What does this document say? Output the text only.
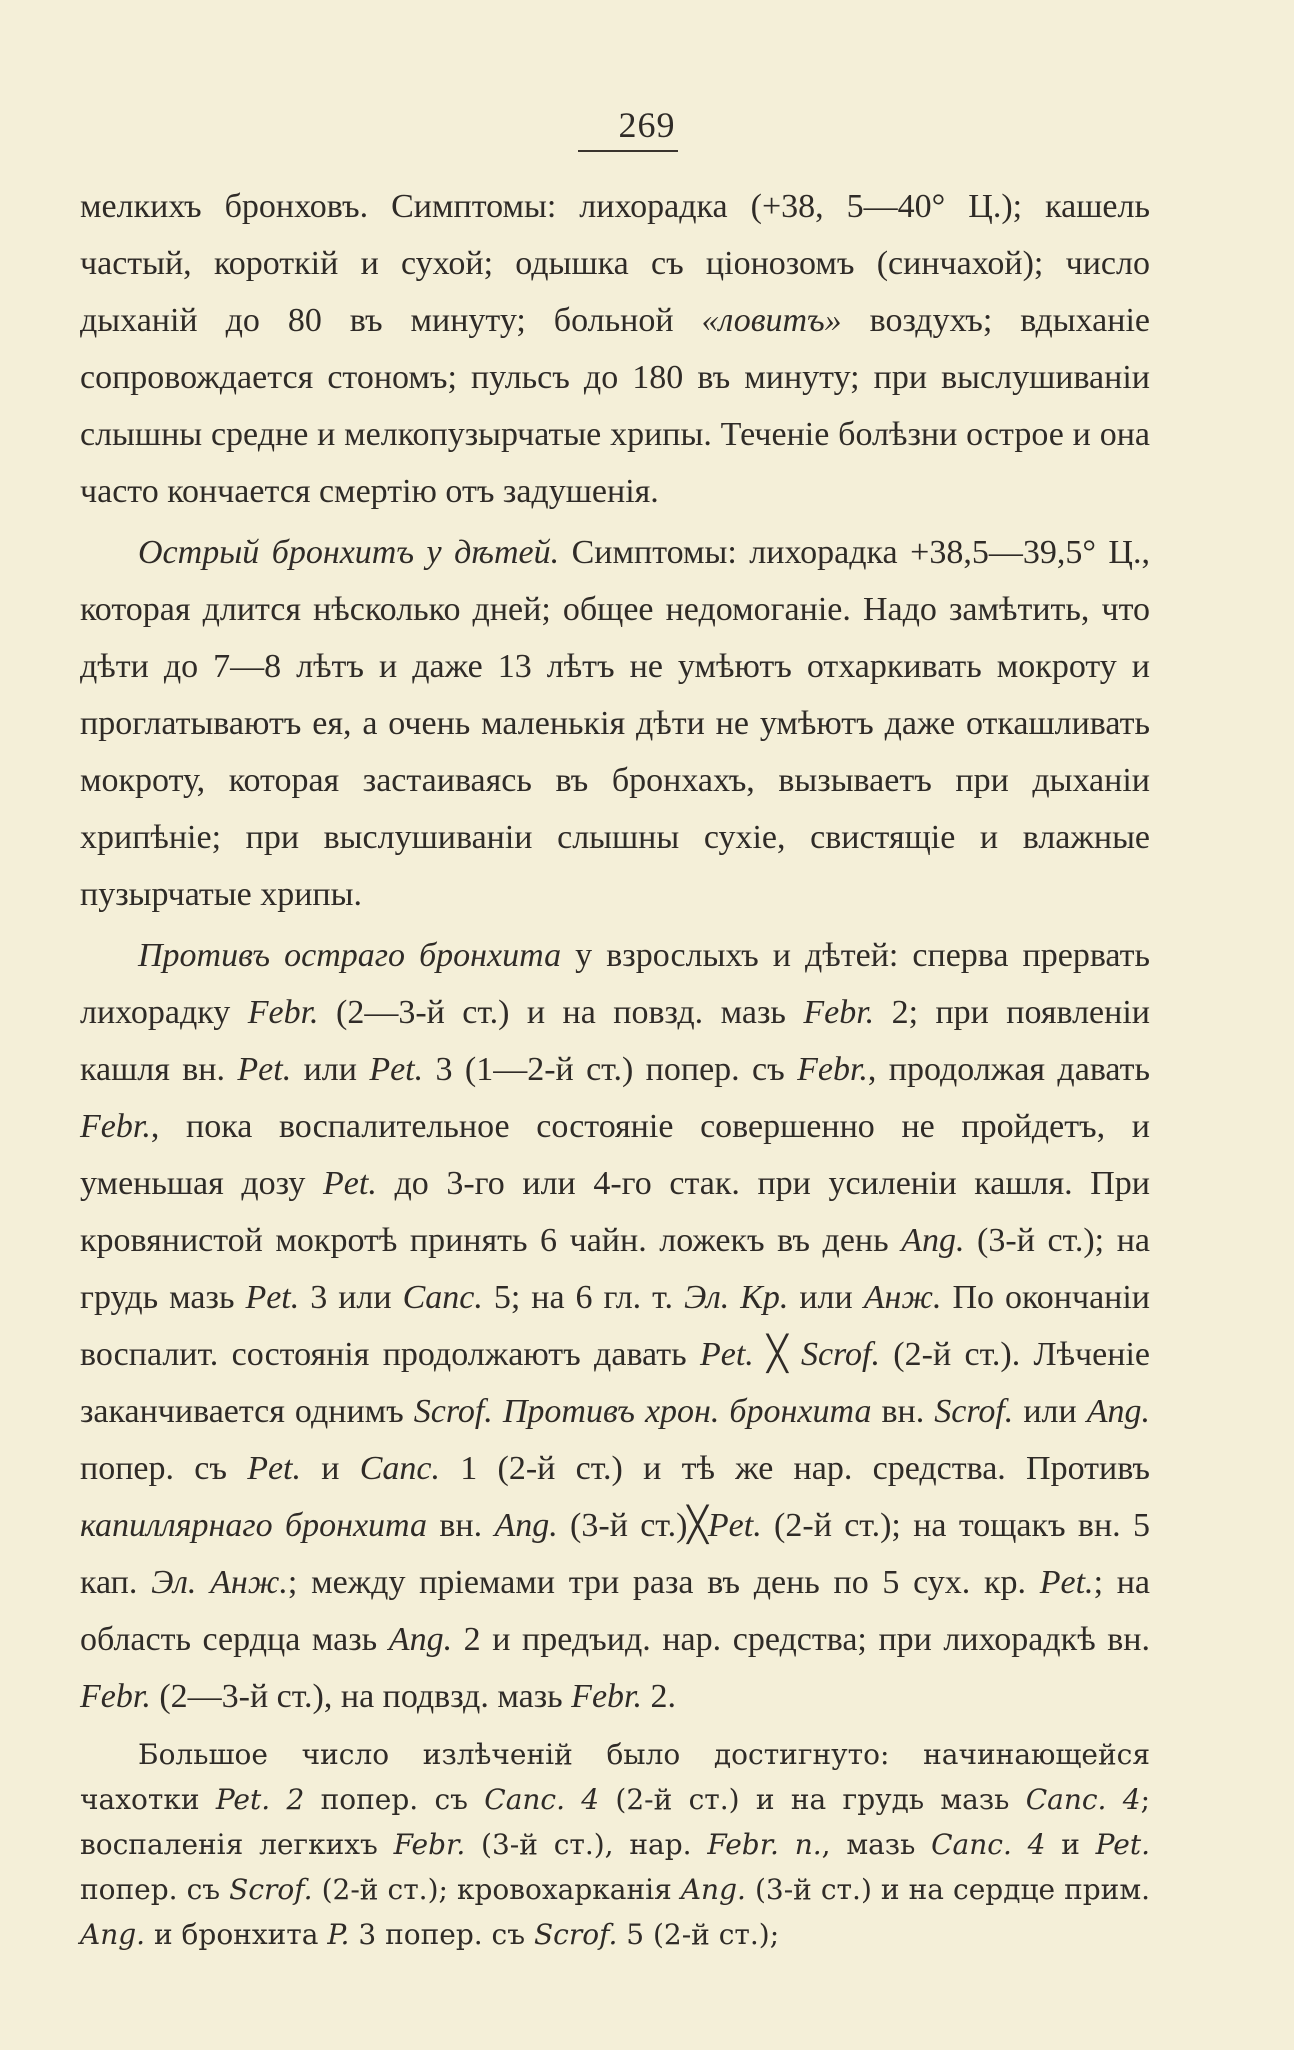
269

мелкихъ бронховъ. Симптомы: лихорадка (+38, 5—40° Ц.); кашель частый, короткій и сухой; одышка съ ціонозомъ (синчахой); число дыханій до 80 въ минуту; больной «ловитъ» воздухъ; вдыханіе сопровождается стономъ; пульсъ до 180 въ минуту; при выслушиваніи слышны средне и мелкопузырчатые хрипы. Теченіе болѣзни острое и она часто кончается смертію отъ задушенія.

Острый бронхитъ у дѣтей. Симптомы: лихорадка +38,5—39,5° Ц., которая длится нѣсколько дней; общее недомоганіе. Надо замѣтить, что дѣти до 7—8 лѣтъ и даже 13 лѣтъ не умѣютъ отхаркивать мокроту и проглатываютъ ея, а очень маленькія дѣти не умѣютъ даже откашливать мокроту, которая застаиваясь въ бронхахъ, вызываетъ при дыханіи хрипѣніе; при выслушиваніи слышны сухіе, свистящіе и влажные пузырчатые хрипы.

Противъ остраго бронхита у взрослыхъ и дѣтей: сперва прервать лихорадку Febr. (2—3-й ст.) и на повзд. мазь Febr. 2; при появленіи кашля вн. Pet. или Pet. 3 (1—2-й ст.) попер. съ Febr., продолжая давать Febr., пока воспалительное состояніе совершенно не пройдетъ, и уменьшая дозу Pet. до 3-го или 4-го стак. при усиленіи кашля. При кровянистой мокротѣ принять 6 чайн. ложекъ въ день Ang. (3-й ст.); на грудь мазь Pet. 3 или Canc. 5; на 6 гл. т. Эл. Кр. или Анж. По окончаніи воспалит. состоянія продолжаютъ давать Pet. ╳ Scrof. (2-й ст.). Лѣченіе заканчивается однимъ Scrof. Противъ хрон. бронхита вн. Scrof. или Ang. попер. съ Pet. и Canc. 1 (2-й ст.) и тѣ же нар. средства. Противъ капиллярнаго бронхита вн. Ang. (3-й ст.)╳Pet. (2-й ст.); на тощакъ вн. 5 кап. Эл. Анж.; между пріемами три раза въ день по 5 сух. кр. Pet.; на область сердца мазь Ang. 2 и предъид. нар. средства; при лихорадкѣ вн. Febr. (2—3-й ст.), на подвзд. мазь Febr. 2.

Большое число излѣченій было достигнуто: начинающейся чахотки Pet. 2 попер. съ Canc. 4 (2-й ст.) и на грудь мазь Canc. 4; воспаленія легкихъ Febr. (3-й ст.), нар. Febr. n., мазь Canc. 4 и Pet. попер. съ Scrof. (2-й ст.); кровохарканія Ang. (3-й ст.) и на сердце прим. Ang. и бронхита P. 3 попер. съ Scrof. 5 (2-й ст.);
